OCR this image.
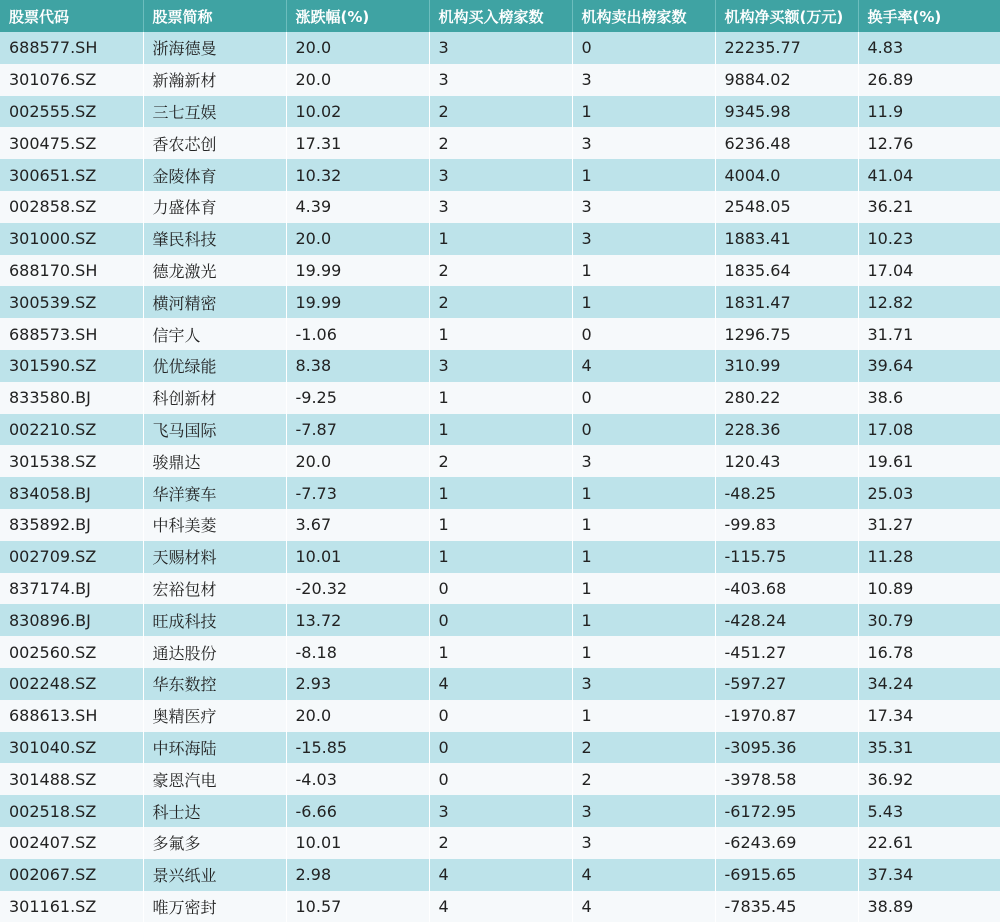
股票代码	股票简称	涨跌幅(%)	机构买入榜家数	机构卖出榜家数	机构净买额(万元)	换手率(%)
688577.SH	浙海德曼	20.0	3	0	22235.77	4.83
301076.SZ	新瀚新材	20.0	3	3	9884.02	26.89
002555.SZ	三七互娱	10.02	2	1	9345.98	11.9
300475.SZ	香农芯创	17.31	2	3	6236.48	12.76
300651.SZ	金陵体育	10.32	3	1	4004.0	41.04
002858.SZ	力盛体育	4.39	3	3	2548.05	36.21
301000.SZ	肇民科技	20.0	1	3	1883.41	10.23
688170.SH	德龙激光	19.99	2	1	1835.64	17.04
300539.SZ	横河精密	19.99	2	1	1831.47	12.82
688573.SH	信宇人	-1.06	1	0	1296.75	31.71
301590.SZ	优优绿能	8.38	3	4	310.99	39.64
833580.BJ	科创新材	-9.25	1	0	280.22	38.6
002210.SZ	飞马国际	-7.87	1	0	228.36	17.08
301538.SZ	骏鼎达	20.0	2	3	120.43	19.61
834058.BJ	华洋赛车	-7.73	1	1	-48.25	25.03
835892.BJ	中科美菱	3.67	1	1	-99.83	31.27
002709.SZ	天赐材料	10.01	1	1	-115.75	11.28
837174.BJ	宏裕包材	-20.32	0	1	-403.68	10.89
830896.BJ	旺成科技	13.72	0	1	-428.24	30.79
002560.SZ	通达股份	-8.18	1	1	-451.27	16.78
002248.SZ	华东数控	2.93	4	3	-597.27	34.24
688613.SH	奥精医疗	20.0	0	1	-1970.87	17.34
301040.SZ	中环海陆	-15.85	0	2	-3095.36	35.31
301488.SZ	豪恩汽电	-4.03	0	2	-3978.58	36.92
002518.SZ	科士达	-6.66	3	3	-6172.95	5.43
002407.SZ	多氟多	10.01	2	3	-6243.69	22.61
002067.SZ	景兴纸业	2.98	4	4	-6915.65	37.34
301161.SZ	唯万密封	10.57	4	4	-7835.45	38.89
